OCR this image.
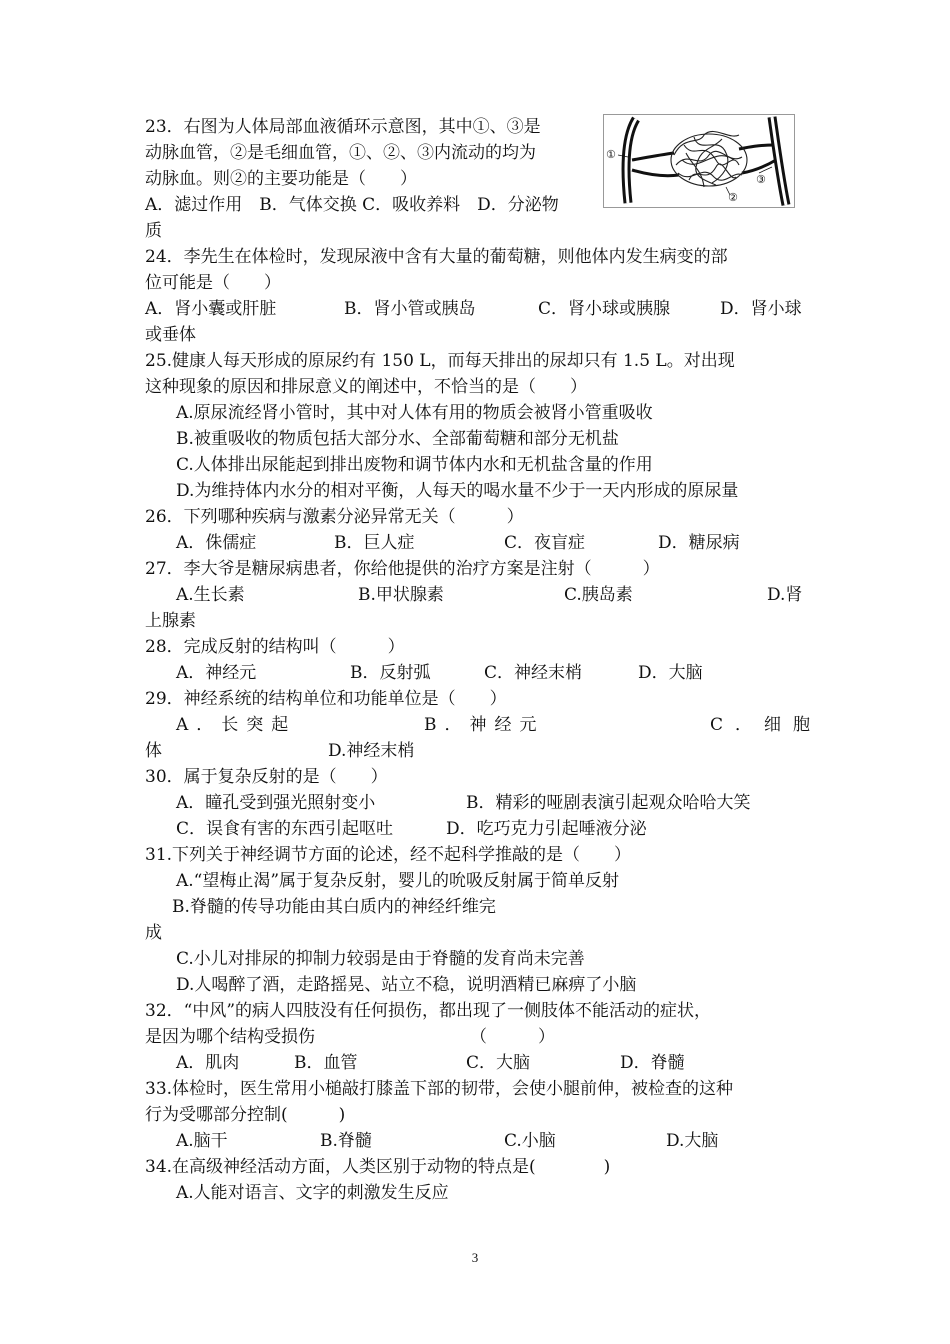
23．右图为人体局部血液循环示意图，其中①、③是
动脉血管，②是毛细血管，①、②、③内流动的均为
动脉血。则②的主要功能是（　　）
A．滤过作用　B．气体交换 C．吸收养料　D．分泌物
质
①
②
③
24．李先生在体检时，发现尿液中含有大量的葡萄糖，则他体内发生病变的部
位可能是（　　）
A．肾小囊或肝脏	B．肾小管或胰岛	C．肾小球或胰腺	D．肾小球
或垂体
25.健康人每天形成的原尿约有 150 L，而每天排出的尿却只有 1.5 L。对出现
这种现象的原因和排尿意义的阐述中，不恰当的是（　　）
A.原尿流经肾小管时，其中对人体有用的物质会被肾小管重吸收
B.被重吸收的物质包括大部分水、全部葡萄糖和部分无机盐
C.人体排出尿能起到排出废物和调节体内水和无机盐含量的作用
D.为维持体内水分的相对平衡，人每天的喝水量不少于一天内形成的原尿量
26．下列哪种疾病与激素分泌异常无关（　　　）
A．侏儒症	B．巨人症	C．夜盲症	D．糖尿病
27．李大爷是糖尿病患者，你给他提供的治疗方案是注射（　　　）
A.生长素	B.甲状腺素	C.胰岛素	D.肾
上腺素
28．完成反射的结构叫（　　　）
A．神经元	B．反射弧	C．神经末梢	D．大脑
29．神经系统的结构单位和功能单位是（　　）
A．长突起	B．神经元	C．细胞
体	D.神经末梢
30．属于复杂反射的是（　　）
A．瞳孔受到强光照射变小	B．精彩的哑剧表演引起观众哈哈大笑
C．误食有害的东西引起呕吐	D．吃巧克力引起唾液分泌
31.下列关于神经调节方面的论述，经不起科学推敲的是（　　）
A.“望梅止渴”属于复杂反射，婴儿的吮吸反射属于简单反射
B.脊髓的传导功能由其白质内的神经纤维完
成
C.小儿对排尿的抑制力较弱是由于脊髓的发育尚未完善
D.人喝醉了酒，走路摇晃、站立不稳，说明酒精已麻痹了小脑
32．“中风”的病人四肢没有任何损伤，都出现了一侧肢体不能活动的症状，
是因为哪个结构受损伤	（　　　）
A．肌肉	B．血管	C．大脑	D．脊髓
33.体检时，医生常用小槌敲打膝盖下部的韧带，会使小腿前伸，被检查的这种
行为受哪部分控制(　　　)
A.脑干	B.脊髓	C.小脑	D.大脑
34.在高级神经活动方面，人类区别于动物的特点是(　　　　)
A.人能对语言、文字的刺激发生反应
3
